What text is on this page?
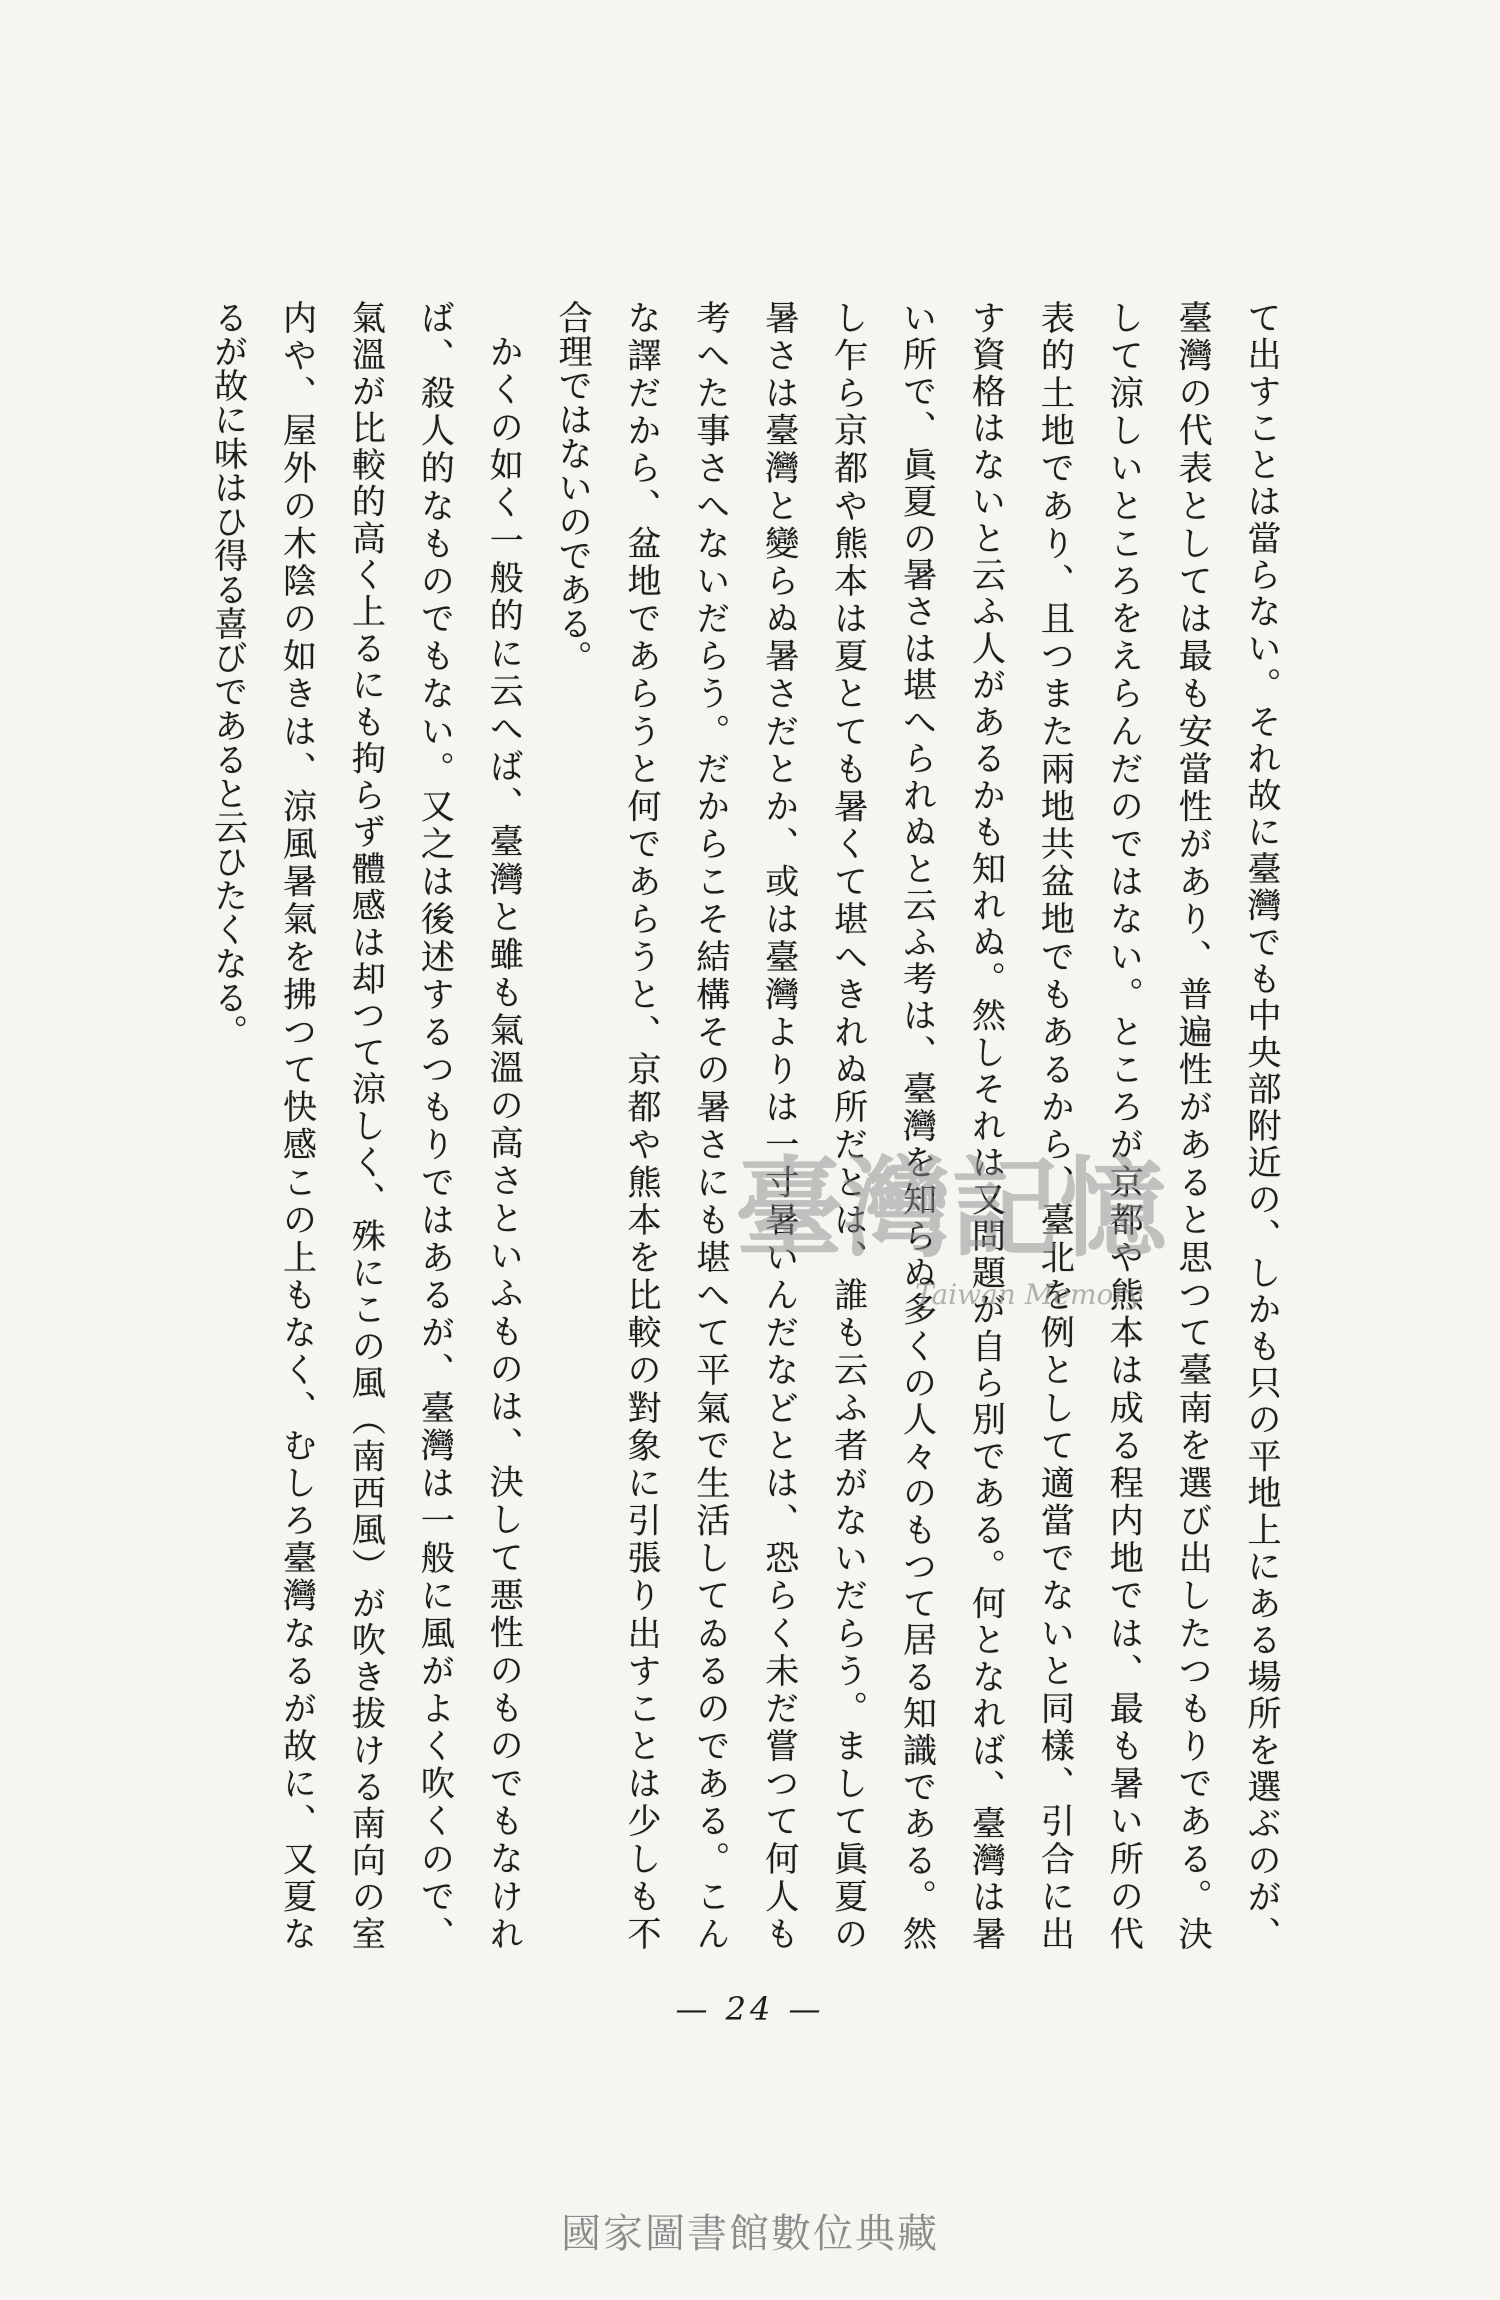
て出すことは當らない。それ故に臺灣でも中央部附近の、しかも只の平地上にある場所を選ぶのが、
臺灣の代表としては最も安當性があり、普遍性があると思つて臺南を選び出したつもりである。決
して涼しいところをえらんだのではない。ところが京都や熊本は成る程内地では、最も暑い所の代
表的土地であり、且つまた兩地共盆地でもあるから、臺北を例として適當でないと同樣、引合に出
す資格はないと云ふ人があるかも知れぬ。然しそれは又問題が自ら別である。何となれば、臺灣は暑
い所で、眞夏の暑さは堪へられぬと云ふ考は、臺灣を知らぬ多くの人々のもつて居る知識である。然
し乍ら京都や熊本は夏とても暑くて堪へきれぬ所だとは、誰も云ふ者がないだらう。まして眞夏の
暑さは臺灣と變らぬ暑さだとか、或は臺灣よりは一寸暑いんだなどとは、恐らく未だ嘗つて何人も
考へた事さへないだらう。だからこそ結構その暑さにも堪へて平氣で生活してゐるのである。こん
な譯だから、盆地であらうと何であらうと、京都や熊本を比較の對象に引張り出すことは少しも不
合理ではないのである。
かくの如く一般的に云へば、臺灣と雖も氣溫の高さといふものは、決して悪性のものでもなけれ
ば、殺人的なものでもない。又之は後述するつもりではあるが、臺灣は一般に風がよく吹くので、
氣溫が比較的高く上るにも拘らず體感は却つて涼しく、殊にこの風（南西風）が吹き拔ける南向の室
内や、屋外の木陰の如きは、涼風暑氣を拂つて快感この上もなく、むしろ臺灣なるが故に、又夏な
るが故に味はひ得る喜びであると云ひたくなる。
臺灣記憶
Taiwan Memory
— 24 —
國家圖書館數位典藏
